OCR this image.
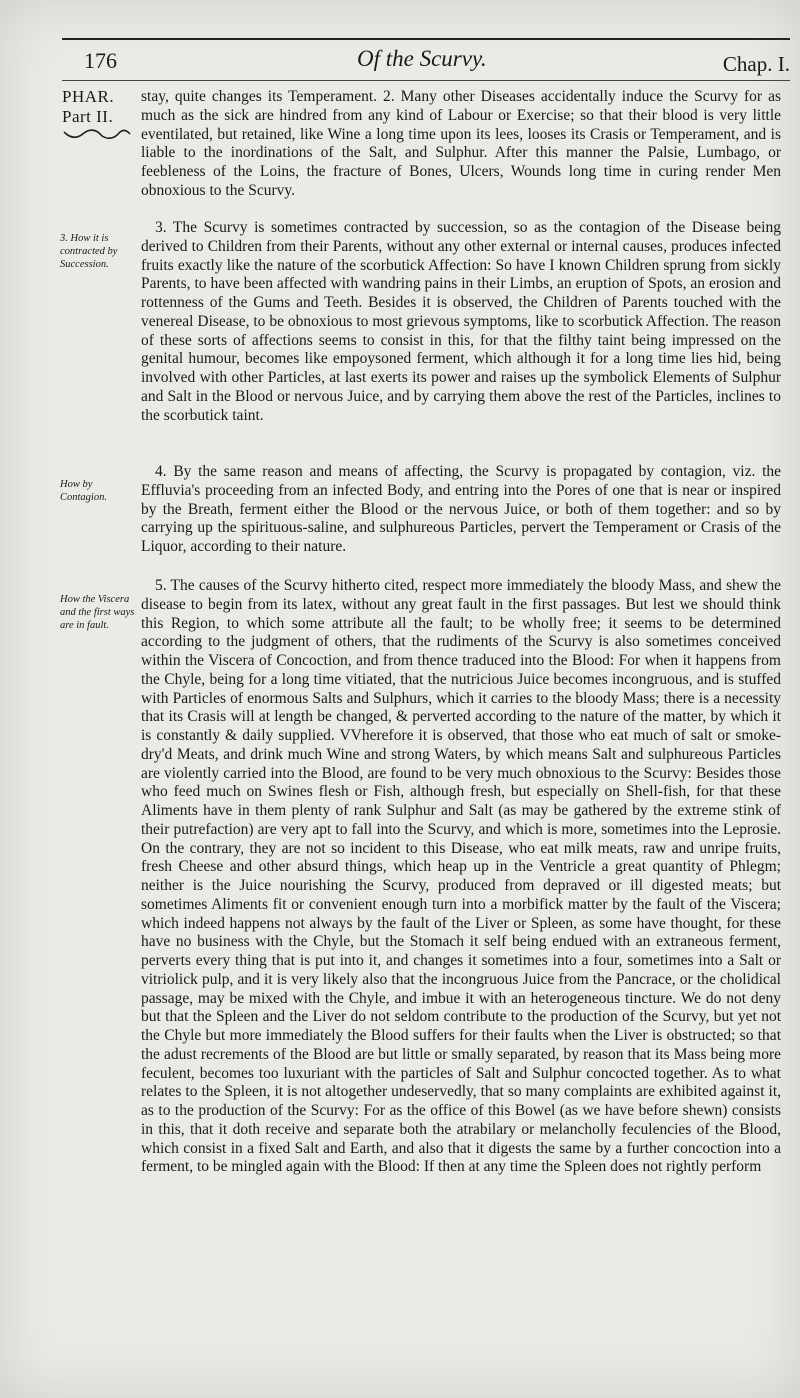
176	Of the Scurvy.	Chap. I.
PHAR.
Part II.
3. How it is contracted by Succession.
How by Contagion.
How the Viscera and the first ways are in fault.

stay, quite changes its Temperament. 2. Many other Diseases accidentally induce the Scurvy for as much as the sick are hindred from any kind of Labour or Exercise; so that their blood is very little eventilated, but retained, like Wine a long time upon its lees, looses its Crasis or Temperament, and is liable to the inordinations of the Salt, and Sulphur. After this manner the Palsie, Lumbago, or feebleness of the Loins, the fracture of Bones, Ulcers, Wounds long time in curing render Men obnoxious to the Scurvy.

3. The Scurvy is sometimes contracted by succession, so as the contagion of the Disease being derived to Children from their Parents, without any other external or internal causes, produces infected fruits exactly like the nature of the scorbutick Affection: So have I known Children sprung from sickly Parents, to have been affected with wandring pains in their Limbs, an eruption of Spots, an erosion and rottenness of the Gums and Teeth. Besides it is observed, the Children of Parents touched with the venereal Disease, to be obnoxious to most grievous symptoms, like to scorbutick Affection. The reason of these sorts of affections seems to consist in this, for that the filthy taint being impressed on the genital humour, becomes like empoysoned ferment, which although it for a long time lies hid, being involved with other Particles, at last exerts its power and raises up the symbolick Elements of Sulphur and Salt in the Blood or nervous Juice, and by carrying them above the rest of the Particles, inclines to the scorbutick taint.

4. By the same reason and means of affecting, the Scurvy is propagated by contagion, viz. the Effluvia's proceeding from an infected Body, and entring into the Pores of one that is near or inspired by the Breath, ferment either the Blood or the nervous Juice, or both of them together: and so by carrying up the spirituous-saline, and sulphureous Particles, pervert the Temperament or Crasis of the Liquor, according to their nature.

5. The causes of the Scurvy hitherto cited, respect more immediately the bloody Mass, and shew the disease to begin from its latex, without any great fault in the first passages. But lest we should think this Region, to which some attribute all the fault; to be wholly free; it seems to be determined according to the judgment of others, that the rudiments of the Scurvy is also sometimes conceived within the Viscera of Concoction, and from thence traduced into the Blood: For when it happens from the Chyle, being for a long time vitiated, that the nutricious Juice becomes incongruous, and is stuffed with Particles of enormous Salts and Sulphurs, which it carries to the bloody Mass; there is a necessity that its Crasis will at length be changed, & perverted according to the nature of the matter, by which it is constantly & daily supplied. VVherefore it is observed, that those who eat much of salt or smoke-dry'd Meats, and drink much Wine and strong Waters, by which means Salt and sulphureous Particles are violently carried into the Blood, are found to be very much obnoxious to the Scurvy: Besides those who feed much on Swines flesh or Fish, although fresh, but especially on Shell-fish, for that these Aliments have in them plenty of rank Sulphur and Salt (as may be gathered by the extreme stink of their putrefaction) are very apt to fall into the Scurvy, and which is more, sometimes into the Leprosie. On the contrary, they are not so incident to this Disease, who eat milk meats, raw and unripe fruits, fresh Cheese and other absurd things, which heap up in the Ventricle a great quantity of Phlegm; neither is the Juice nourishing the Scurvy, produced from depraved or ill digested meats; but sometimes Aliments fit or convenient enough turn into a morbifick matter by the fault of the Viscera; which indeed happens not always by the fault of the Liver or Spleen, as some have thought, for these have no business with the Chyle, but the Stomach it self being endued with an extraneous ferment, perverts every thing that is put into it, and changes it sometimes into a four, sometimes into a Salt or vitriolick pulp, and it is very likely also that the incongruous Juice from the Pancrace, or the cholidical passage, may be mixed with the Chyle, and imbue it with an heterogeneous tincture. We do not deny but that the Spleen and the Liver do not seldom contribute to the production of the Scurvy, but yet not the Chyle but more immediately the Blood suffers for their faults when the Liver is obstructed; so that the adust recrements of the Blood are but little or smally separated, by reason that its Mass being more feculent, becomes too luxuriant with the particles of Salt and Sulphur concocted together. As to what relates to the Spleen, it is not altogether undeservedly, that so many complaints are exhibited against it, as to the production of the Scurvy: For as the office of this Bowel (as we have before shewn) consists in this, that it doth receive and separate both the atrabilary or melancholly feculencies of the Blood, which consist in a fixed Salt and Earth, and also that it digests the same by a further concoction into a ferment, to be mingled again with the Blood: If then at any time the Spleen does not rightly perform
